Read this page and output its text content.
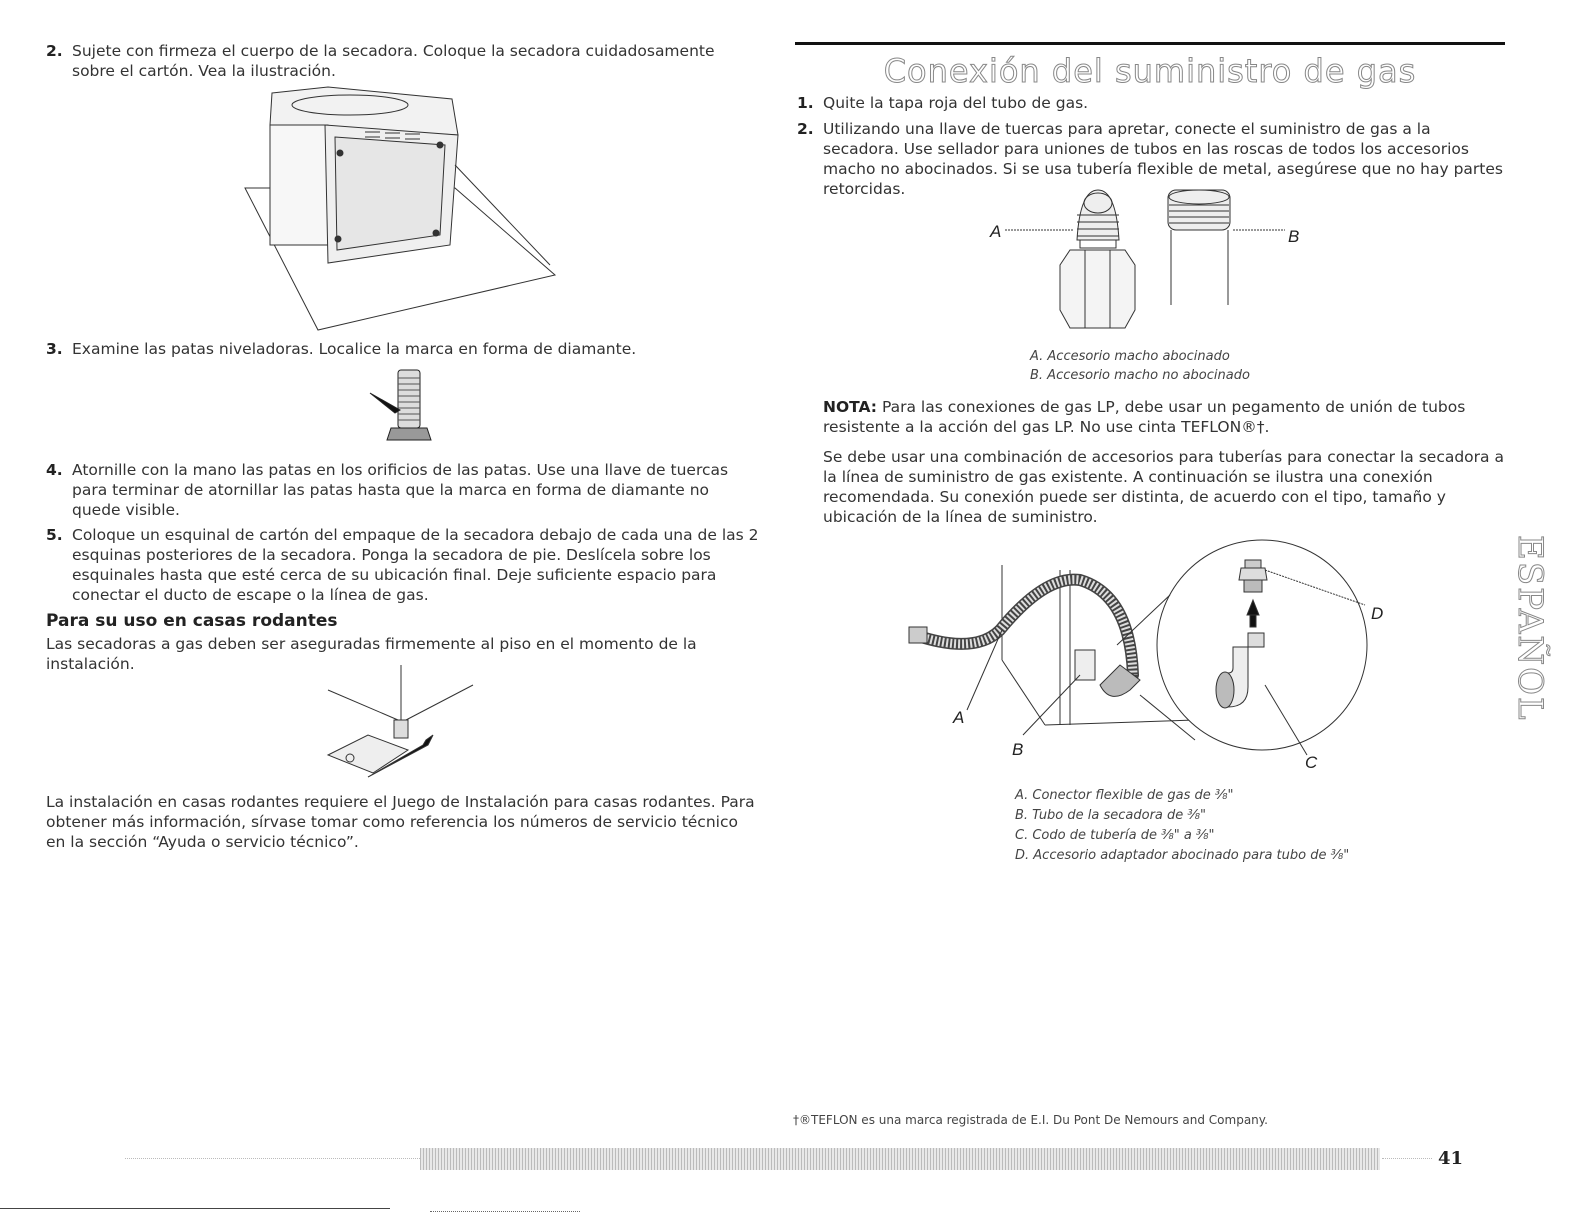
2. Sujete con firmeza el cuerpo de la secadora. Coloque la secadora cuidadosamente sobre el cartón. Vea la ilustración.
3. Examine las patas niveladoras. Localice la marca en forma de diamante.
4. Atornille con la mano las patas en los orificios de las patas. Use una llave de tuercas para terminar de atornillar las patas hasta que la marca en forma de diamante no quede visible.
5. Coloque un esquinal de cartón del empaque de la secadora debajo de cada una de las 2 esquinas posteriores de la secadora. Ponga la secadora de pie. Deslícela sobre los esquinales hasta que esté cerca de su ubicación final. Deje suficiente espacio para conectar el ducto de escape o la línea de gas.
Para su uso en casas rodantes
Las secadoras a gas deben ser aseguradas firmemente al piso en el momento de la instalación.
La instalación en casas rodantes requiere el Juego de Instalación para casas rodantes. Para obtener más información, sírvase tomar como referencia los números de servicio técnico en la sección “Ayuda o servicio técnico”.
Conexión del suministro de gas
1. Quite la tapa roja del tubo de gas.
2. Utilizando una llave de tuercas para apretar, conecte el suministro de gas a la secadora. Use sellador para uniones de tubos en las roscas de todos los accesorios macho no abocinados. Si se usa tubería flexible de metal, asegúrese que no hay partes retorcidas.
A	B
A. Accesorio macho abocinado
B. Accesorio macho no abocinado
NOTA: Para las conexiones de gas LP, debe usar un pegamento de unión de tubos resistente a la acción del gas LP. No use cinta TEFLON®†.
Se debe usar una combinación de accesorios para tuberías para conectar la secadora a la línea de suministro de gas existente. A continuación se ilustra una conexión recomendada. Su conexión puede ser distinta, de acuerdo con el tipo, tamaño y ubicación de la línea de suministro.
A
B
C
D
A. Conector flexible de gas de ⅜"
B. Tubo de la secadora de ⅜"
C. Codo de tubería de ⅜" a ⅜"
D. Accesorio adaptador abocinado para tubo de ⅜"
†®TEFLON es una marca registrada de E.I. Du Pont De Nemours and Company.
ESPAÑOL
41
